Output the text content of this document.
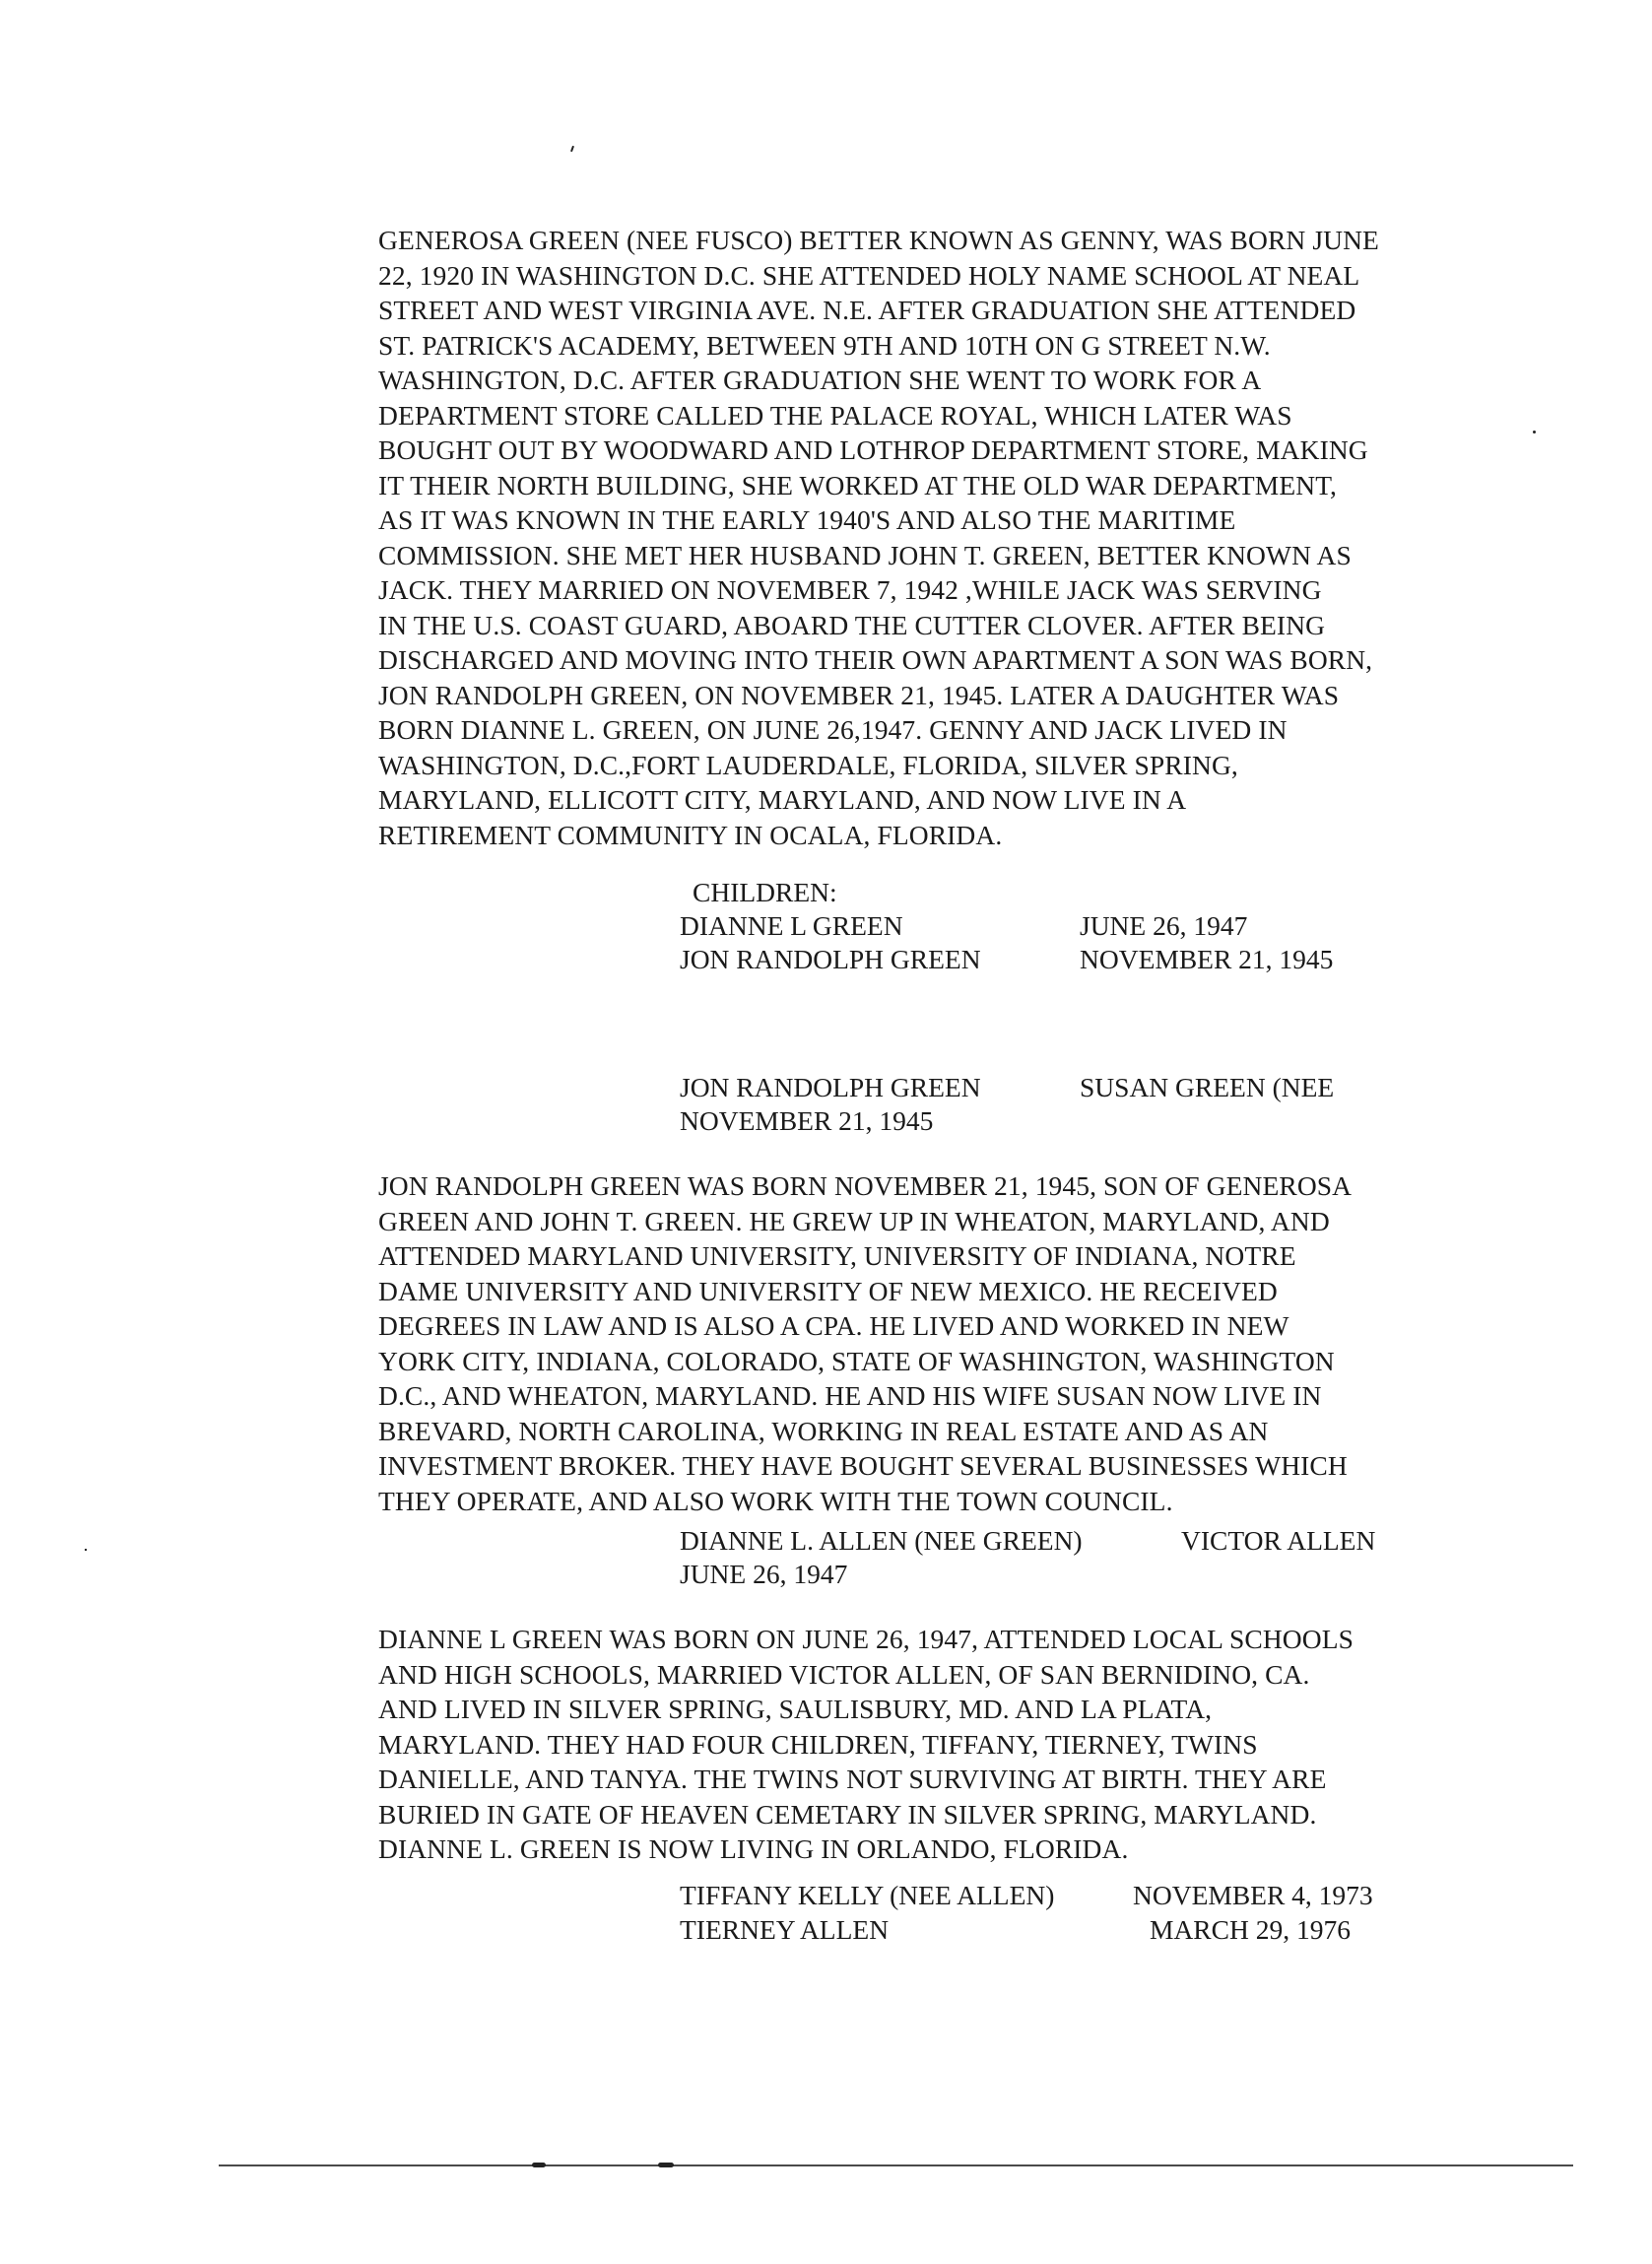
GENEROSA GREEN (NEE FUSCO) BETTER KNOWN AS GENNY, WAS BORN JUNE
22, 1920 IN WASHINGTON D.C. SHE ATTENDED HOLY NAME SCHOOL AT NEAL
STREET AND WEST VIRGINIA AVE. N.E. AFTER GRADUATION SHE ATTENDED
ST. PATRICK'S ACADEMY, BETWEEN 9TH AND 10TH ON G STREET N.W.
WASHINGTON, D.C. AFTER GRADUATION SHE WENT TO WORK FOR A
DEPARTMENT STORE CALLED THE PALACE ROYAL, WHICH LATER WAS
BOUGHT OUT BY WOODWARD AND LOTHROP DEPARTMENT STORE, MAKING
IT THEIR NORTH BUILDING, SHE WORKED AT THE OLD WAR DEPARTMENT,
AS IT WAS KNOWN IN THE EARLY 1940'S AND ALSO THE MARITIME
COMMISSION. SHE MET HER HUSBAND JOHN T. GREEN, BETTER KNOWN AS
JACK. THEY MARRIED ON NOVEMBER 7, 1942 ,WHILE JACK WAS SERVING
IN THE U.S. COAST GUARD, ABOARD THE CUTTER CLOVER. AFTER BEING
DISCHARGED AND MOVING INTO THEIR OWN APARTMENT A SON WAS BORN,
JON RANDOLPH GREEN, ON NOVEMBER 21, 1945. LATER A DAUGHTER WAS
BORN DIANNE L. GREEN, ON JUNE 26,1947. GENNY AND JACK LIVED IN
WASHINGTON, D.C.,FORT LAUDERDALE, FLORIDA, SILVER SPRING,
MARYLAND, ELLICOTT CITY, MARYLAND, AND NOW LIVE IN A
RETIREMENT COMMUNITY IN OCALA, FLORIDA.
CHILDREN:
DIANNE L GREEN	JUNE 26, 1947
JON RANDOLPH GREEN	NOVEMBER 21, 1945
JON RANDOLPH GREEN	SUSAN GREEN (NEE
NOVEMBER 21, 1945
JON RANDOLPH GREEN WAS BORN NOVEMBER 21, 1945, SON OF GENEROSA
GREEN AND JOHN T. GREEN. HE GREW UP IN WHEATON, MARYLAND, AND
ATTENDED MARYLAND UNIVERSITY, UNIVERSITY OF INDIANA, NOTRE
DAME UNIVERSITY AND UNIVERSITY OF NEW MEXICO. HE RECEIVED
DEGREES IN LAW AND IS ALSO A CPA. HE LIVED AND WORKED IN NEW
YORK CITY, INDIANA, COLORADO, STATE OF WASHINGTON, WASHINGTON
D.C., AND WHEATON, MARYLAND. HE AND HIS WIFE SUSAN NOW LIVE IN
BREVARD, NORTH CAROLINA, WORKING IN REAL ESTATE AND AS AN
INVESTMENT BROKER. THEY HAVE BOUGHT SEVERAL BUSINESSES WHICH
THEY OPERATE, AND ALSO WORK WITH THE TOWN COUNCIL.
DIANNE L. ALLEN (NEE GREEN)	VICTOR ALLEN
JUNE 26, 1947
DIANNE L GREEN WAS BORN ON JUNE 26, 1947, ATTENDED LOCAL SCHOOLS
AND HIGH SCHOOLS, MARRIED VICTOR ALLEN, OF SAN BERNIDINO, CA.
AND LIVED IN SILVER SPRING, SAULISBURY, MD. AND LA PLATA,
MARYLAND. THEY HAD FOUR CHILDREN, TIFFANY, TIERNEY, TWINS
DANIELLE, AND TANYA. THE TWINS NOT SURVIVING AT BIRTH. THEY ARE
BURIED IN GATE OF HEAVEN CEMETARY IN SILVER SPRING, MARYLAND.
DIANNE L. GREEN IS NOW LIVING IN ORLANDO, FLORIDA.
TIFFANY KELLY (NEE ALLEN)	NOVEMBER 4, 1973
TIERNEY ALLEN	MARCH 29, 1976
